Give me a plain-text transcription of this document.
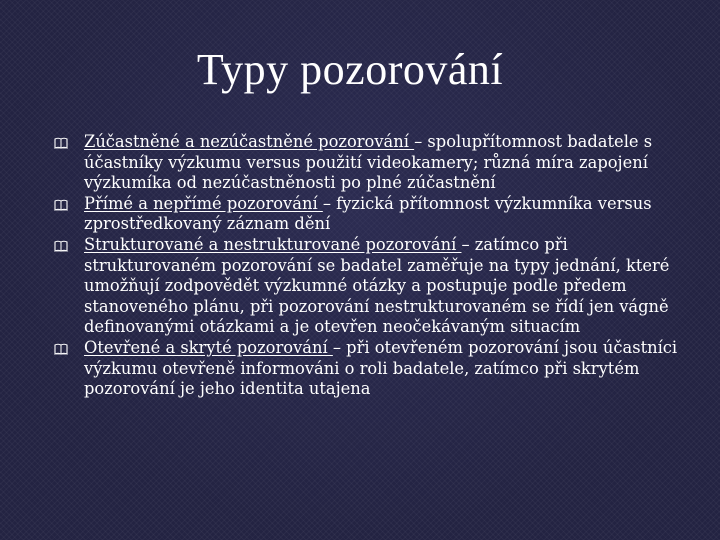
Typy pozorování
Zúčastněné a nezúčastněné pozorování – spolupřítomnost badatele s účastníky výzkumu versus použití videokamery; různá míra zapojení výzkumíka od nezúčastněnosti po plné zúčastnění
Přímé a nepřímé pozorování – fyzická přítomnost výzkumníka versus zprostředkovaný záznam dění
Strukturované a nestrukturované pozorování – zatímco při strukturovaném pozorování se badatel zaměřuje na typy jednání, které umožňují zodpovědět výzkumné otázky a postupuje podle předem stanoveného plánu, při pozorování nestrukturovaném se řídí jen vágně definovanými otázkami a je otevřen neočekávaným situacím
Otevřené a skryté pozorování – při otevřeném pozorování jsou účastníci výzkumu otevřeně informováni o roli badatele, zatímco při skrytém pozorování je jeho identita utajena
